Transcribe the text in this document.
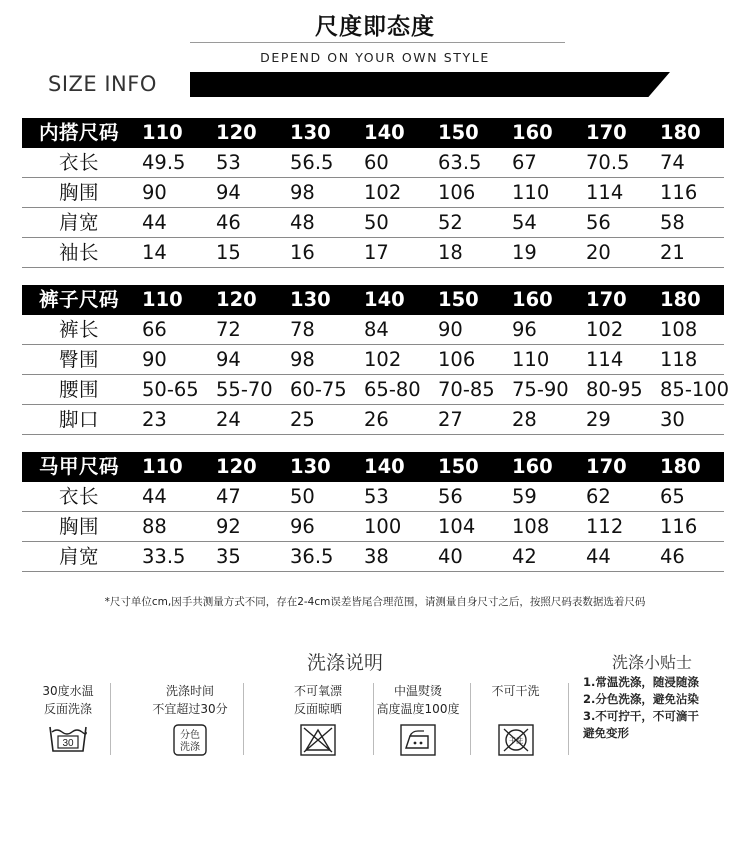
尺度即态度
DEPEND ON YOUR OWN STYLE
SIZE INFO
内搭尺码	110	120	130	140	150	160	170	180
衣长	49.5	53	56.5	60	63.5	67	70.5	74
胸围	90	94	98	102	106	110	114	116
肩宽	44	46	48	50	52	54	56	58
袖长	14	15	16	17	18	19	20	21
裤子尺码	110	120	130	140	150	160	170	180
裤长	66	72	78	84	90	96	102	108
臀围	90	94	98	102	106	110	114	118
腰围	50-65	55-70	60-75	65-80	70-85	75-90	80-95	85-100
脚口	23	24	25	26	27	28	29	30
马甲尺码	110	120	130	140	150	160	170	180
衣长	44	47	50	53	56	59	62	65
胸围	88	92	96	100	104	108	112	116
肩宽	33.5	35	36.5	38	40	42	44	46
*尺寸单位cm,因手共测量方式不同，存在2-4cm误差皆尾合理范围，请测量自身尺寸之后，按照尺码表数据选着尺码
洗涤说明	洗涤小贴士
30度水温
反面洗涤
30
洗涤时间
不宜超过30分
分色
洗涤
不可氧漂
反面晾晒
中温熨烫
高度温度100度
不可干洗

干洗
1.常温洗涤，随浸随涤
2.分色洗涤，避免沾染
3.不可拧干，不可滴干
避免变形
